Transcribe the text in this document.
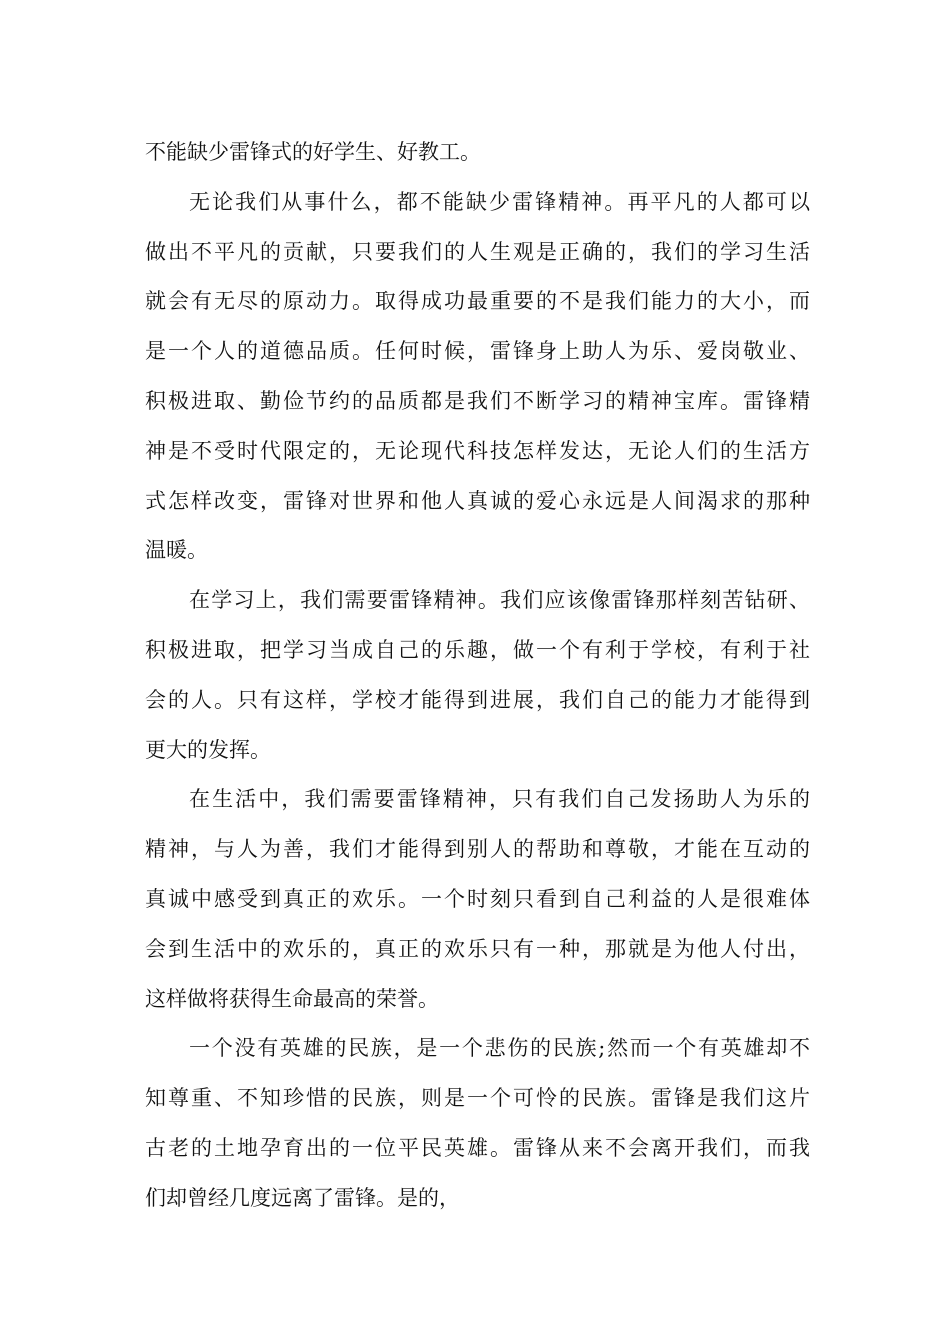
不能缺少雷锋式的好学生、好教工。
无论我们从事什么，都不能缺少雷锋精神。再平凡的人都可以
做出不平凡的贡献，只要我们的人生观是正确的，我们的学习生活
就会有无尽的原动力。取得成功最重要的不是我们能力的大小，而
是一个人的道德品质。任何时候，雷锋身上助人为乐、爱岗敬业、
积极进取、勤俭节约的品质都是我们不断学习的精神宝库。雷锋精
神是不受时代限定的，无论现代科技怎样发达，无论人们的生活方
式怎样改变，雷锋对世界和他人真诚的爱心永远是人间渴求的那种
温暖。
在学习上，我们需要雷锋精神。我们应该像雷锋那样刻苦钻研、
积极进取，把学习当成自己的乐趣，做一个有利于学校，有利于社
会的人。只有这样，学校才能得到进展，我们自己的能力才能得到
更大的发挥。
在生活中，我们需要雷锋精神，只有我们自己发扬助人为乐的
精神，与人为善，我们才能得到别人的帮助和尊敬，才能在互动的
真诚中感受到真正的欢乐。一个时刻只看到自己利益的人是很难体
会到生活中的欢乐的，真正的欢乐只有一种，那就是为他人付出，
这样做将获得生命最高的荣誉。
一个没有英雄的民族，是一个悲伤的民族;然而一个有英雄却不
知尊重、不知珍惜的民族，则是一个可怜的民族。雷锋是我们这片
古老的土地孕育出的一位平民英雄。雷锋从来不会离开我们，而我
们却曾经几度远离了雷锋。是的，
